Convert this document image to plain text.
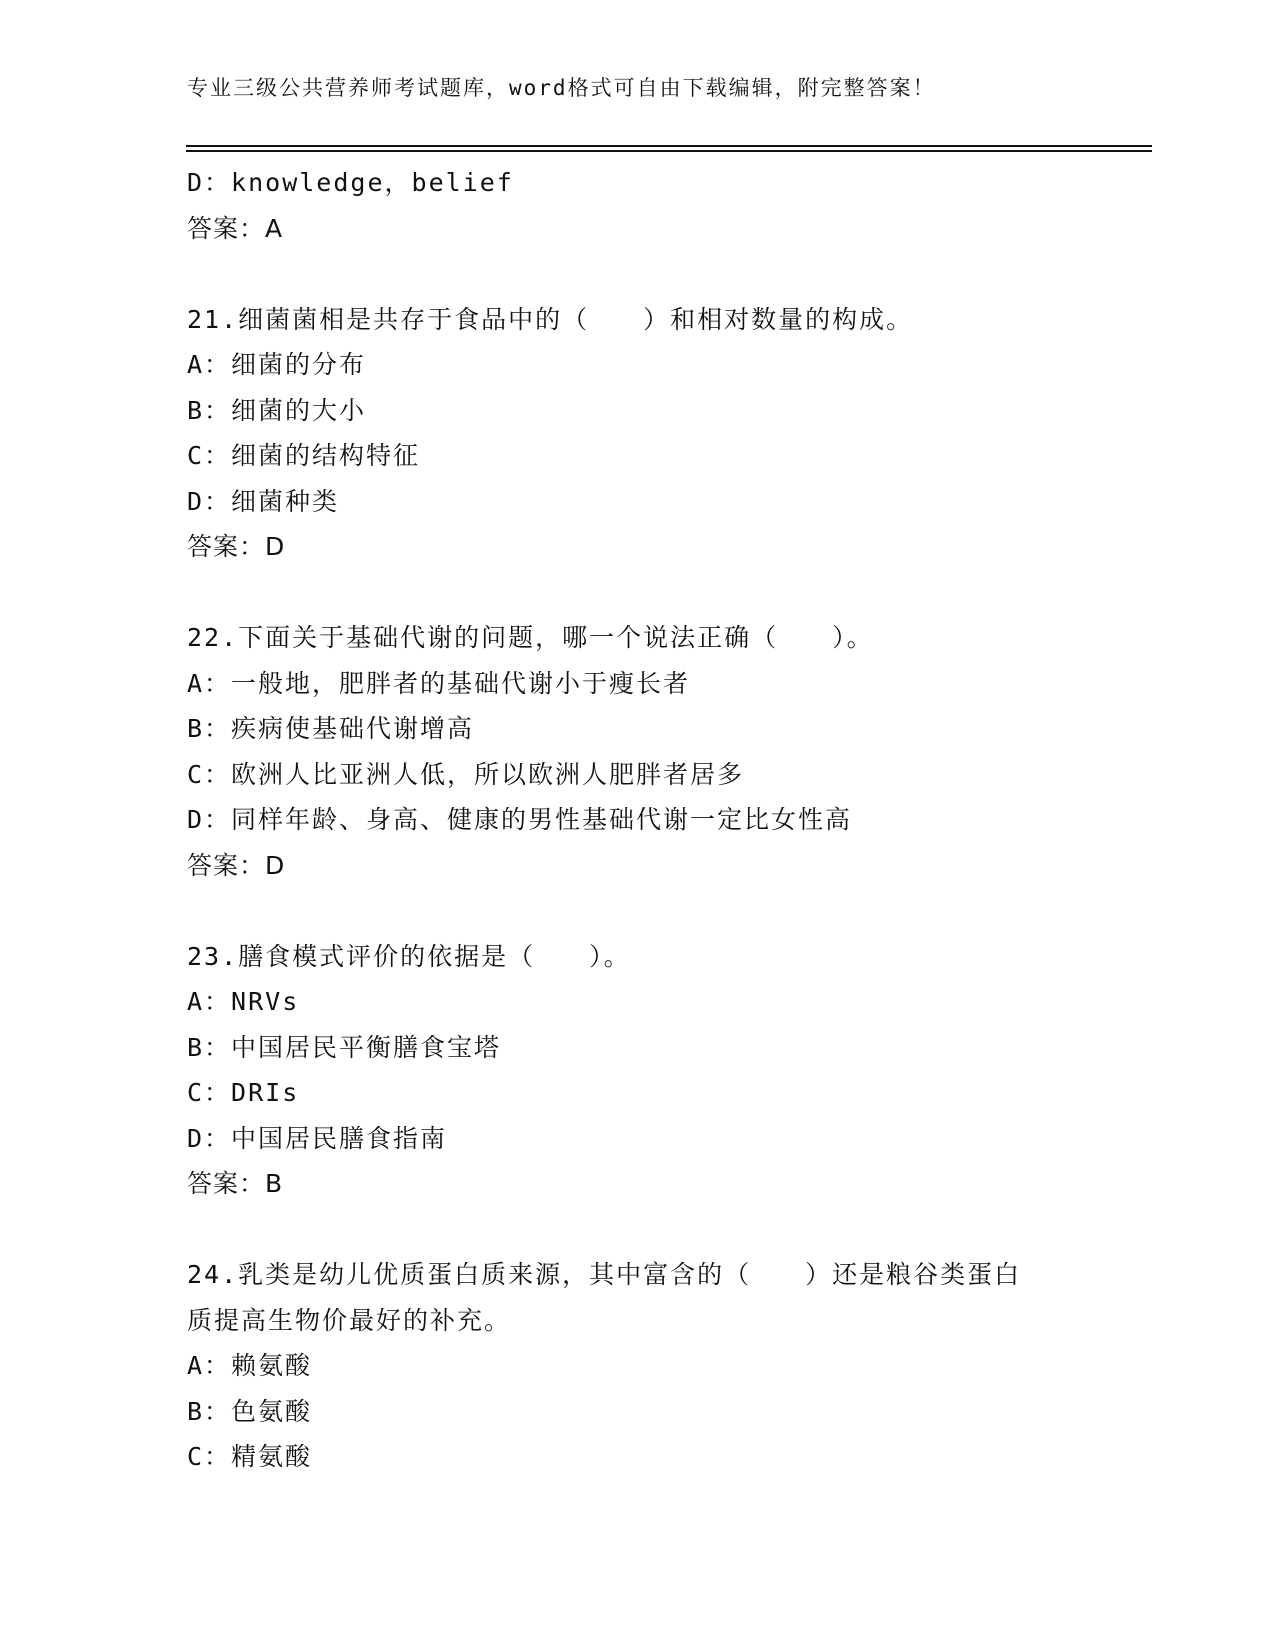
专业三级公共营养师考试题库，word格式可自由下载编辑，附完整答案！
D：knowledge，belief
答案：A
21.细菌菌相是共存于食品中的（　　）和相对数量的构成。
A：细菌的分布
B：细菌的大小
C：细菌的结构特征
D：细菌种类
答案：D
22.下面关于基础代谢的问题，哪一个说法正确（　　）。
A：一般地，肥胖者的基础代谢小于瘦长者
B：疾病使基础代谢增高
C：欧洲人比亚洲人低，所以欧洲人肥胖者居多
D：同样年龄、身高、健康的男性基础代谢一定比女性高
答案：D
23.膳食模式评价的依据是（　　）。
A：NRVs
B：中国居民平衡膳食宝塔
C：DRIs
D：中国居民膳食指南
答案：B
24.乳类是幼儿优质蛋白质来源，其中富含的（　　）还是粮谷类蛋白
质提高生物价最好的补充。
A：赖氨酸
B：色氨酸
C：精氨酸
